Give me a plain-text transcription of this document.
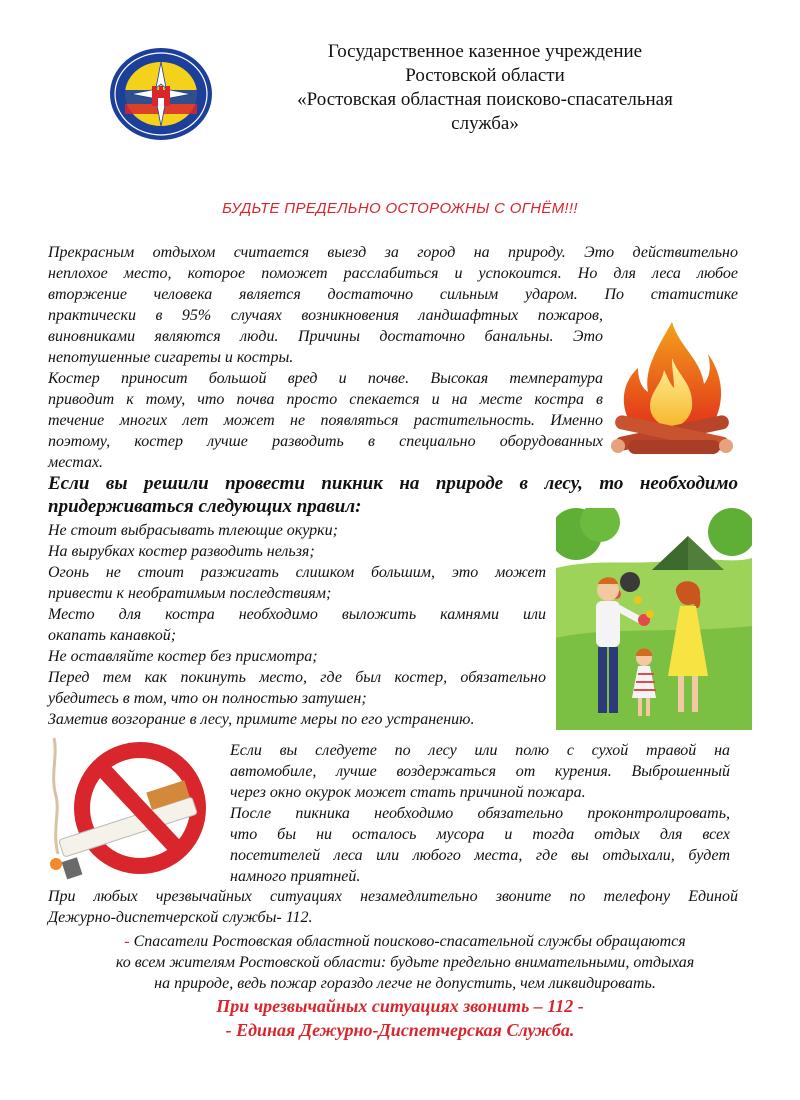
Государственное казенное учреждение
Ростовской области
«Ростовская областная поисково-спасательная
служба»
БУДЬТЕ ПРЕДЕЛЬНО ОСТОРОЖНЫ С ОГНЁМ!!!
Прекрасным отдыхом считается выезд за город на природу. Это действительно
неплохое место, которое поможет расслабиться и успокоится. Но для леса любое
вторжение человека является достаточно сильным ударом. По статистике
практически в 95% случаях возникновения ландшафтных пожаров,
виновниками являются люди. Причины достаточно банальны. Это
непотушенные сигареты и костры.
Костер приносит большой вред и почве. Высокая температура
приводит к тому, что почва просто спекается и на месте костра в
течение многих лет может не появляться растительность. Именно
поэтому, костер лучше разводить в специально оборудованных
местах.
Если вы решили провести пикник на природе в лесу, то необходимо
придерживаться следующих правил:
Не стоит выбрасывать тлеющие окурки;
На вырубках костер разводить нельзя;
Огонь не стоит разжигать слишком большим, это может
привести к необратимым последствиям;
Место для костра необходимо выложить камнями или
окапать канавкой;
Не оставляйте костер без присмотра;
Перед тем как покинуть место, где был костер, обязательно
убедитесь в том, что он полностью затушен;
Заметив возгорание в лесу, примите меры по его устранению.
Если вы следуете по лесу или полю с сухой травой на
автомобиле, лучше воздержаться от курения. Выброшенный
через окно окурок может стать причиной пожара.
После пикника необходимо обязательно проконтролировать,
что бы ни осталось мусора и тогда отдых для всех
посетителей леса или любого места, где вы отдыхали, будет
намного приятней.
При любых чрезвычайных ситуациях незамедлительно звоните по телефону Единой
Дежурно-диспетчерской службы- 112.
- Спасатели Ростовская областной поисково-спасательной службы обращаются
ко всем жителям Ростовской области: будьте предельно внимательными, отдыхая
на природе, ведь пожар гораздо легче не допустить, чем ликвидировать.
При чрезвычайных ситуациях звонить – 112 -
- Единая Дежурно-Диспетчерская Служба.
